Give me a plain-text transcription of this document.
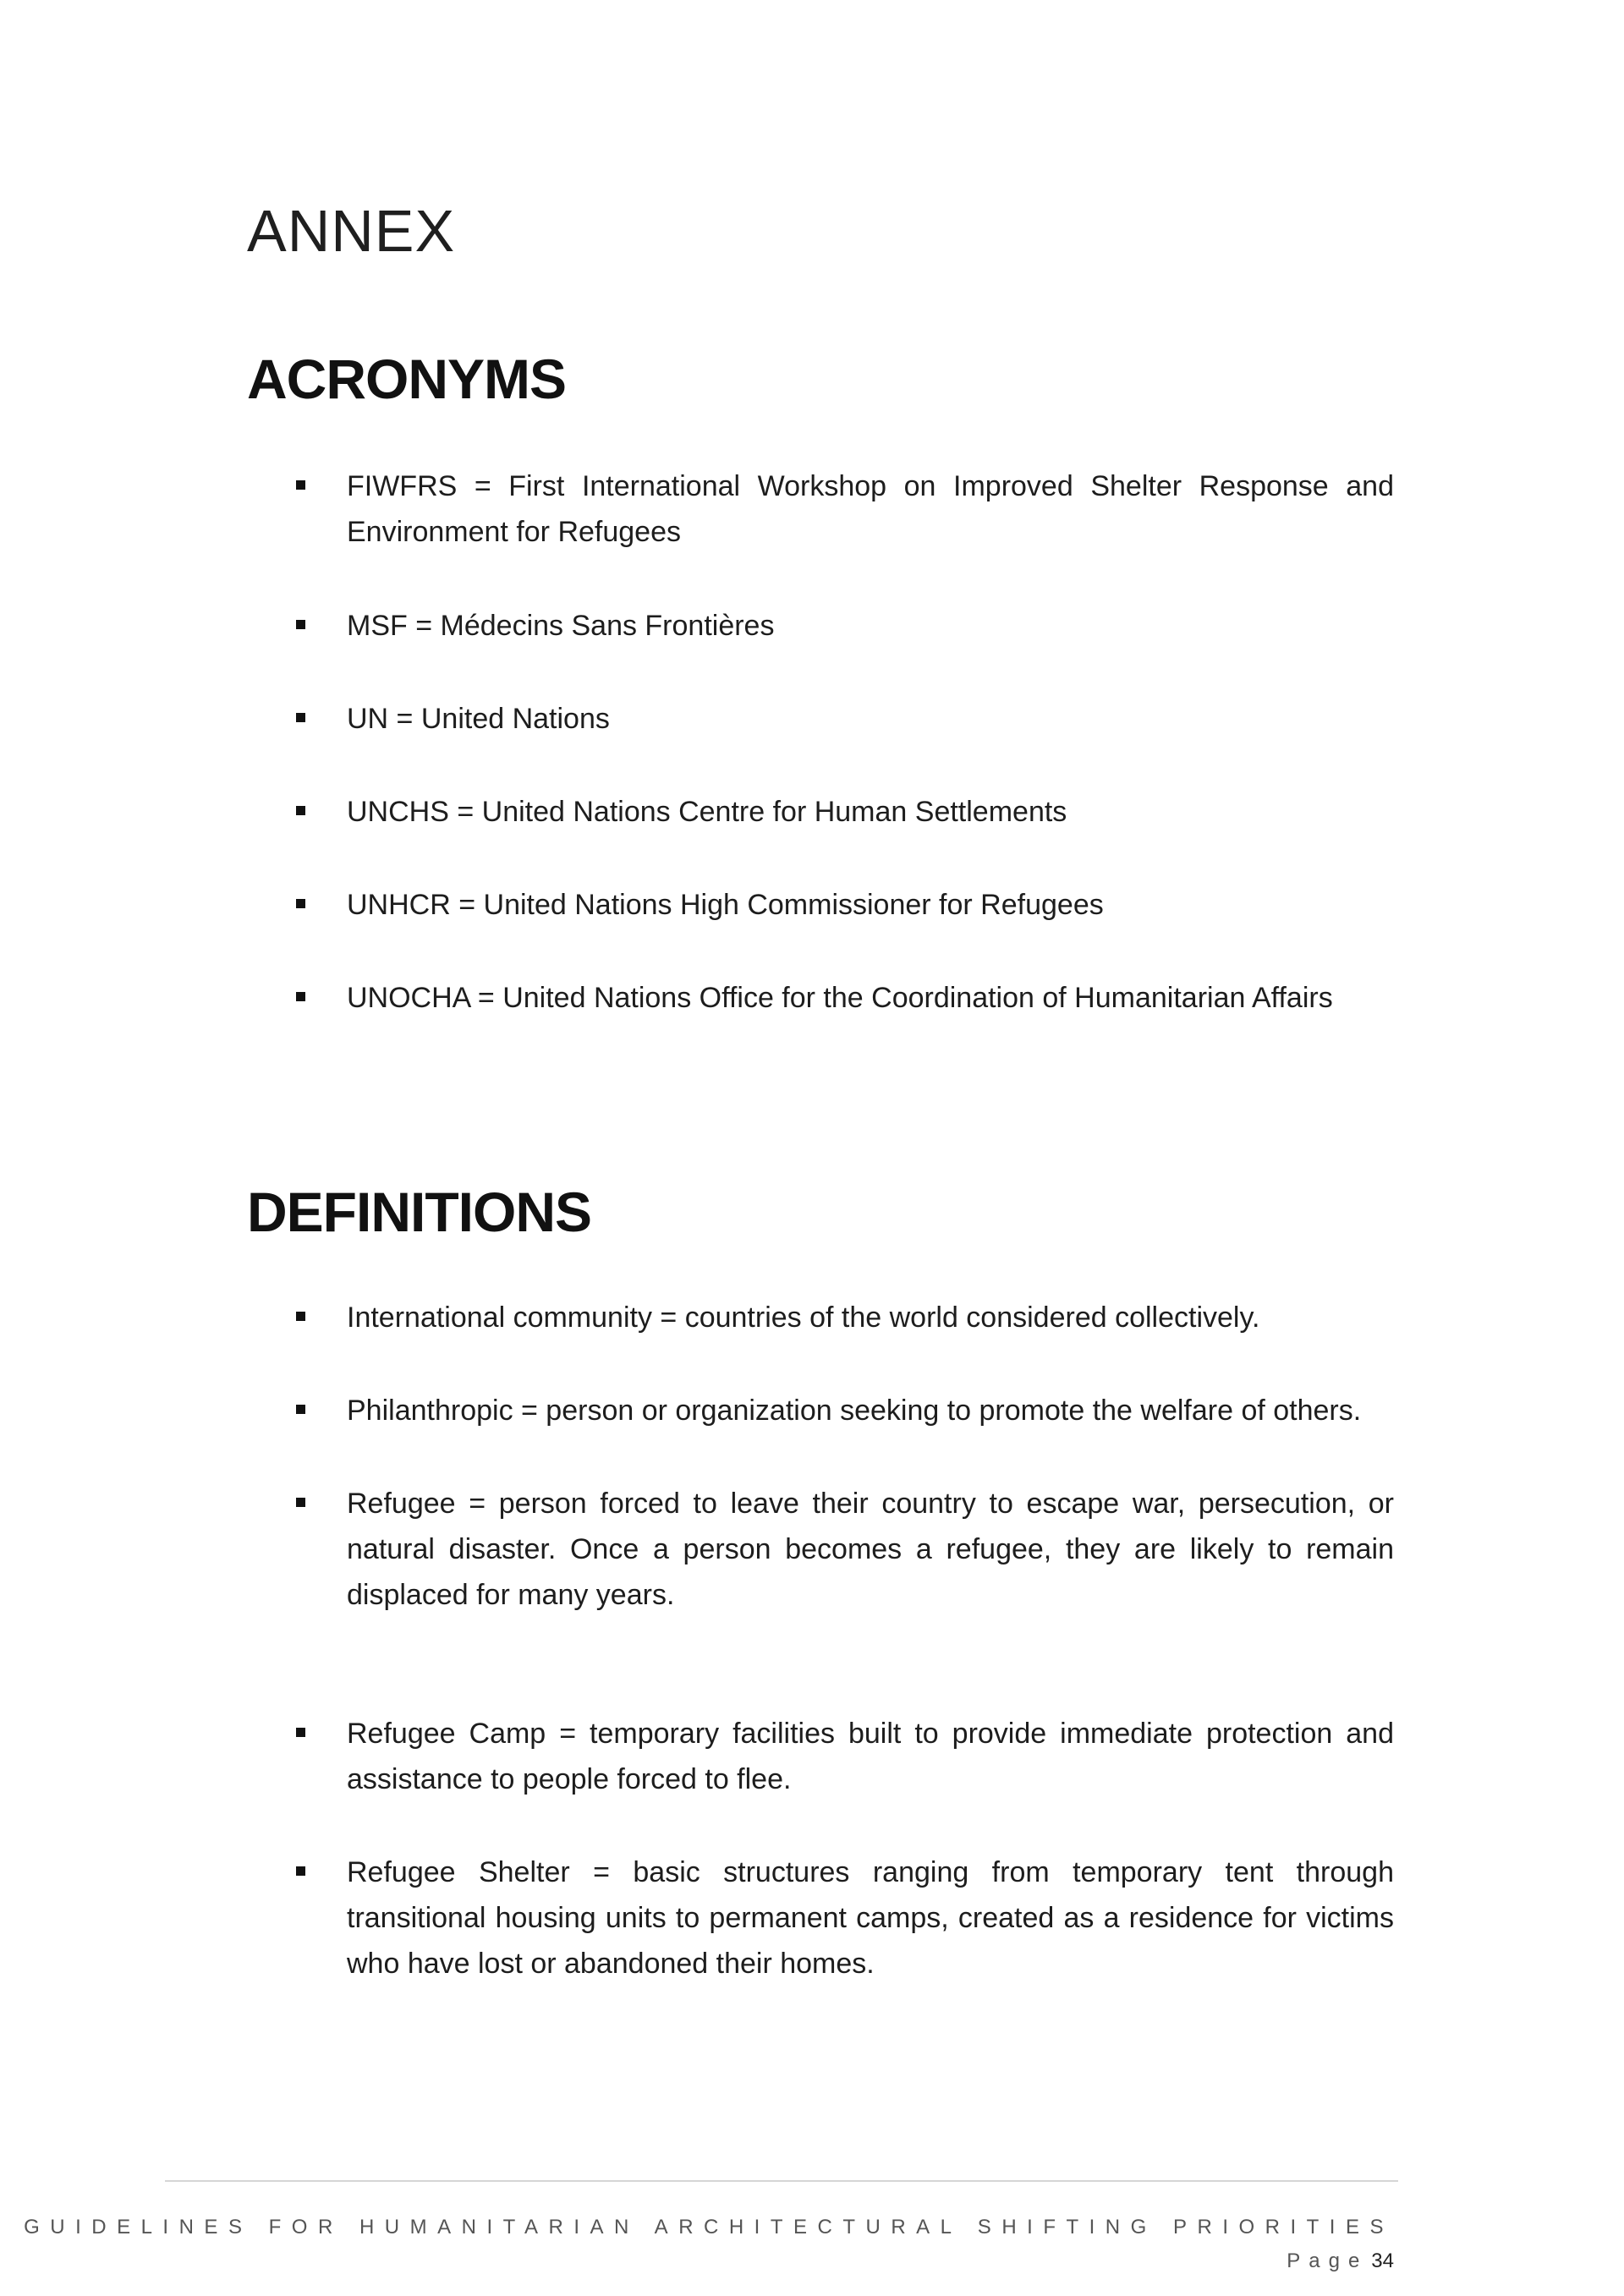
ANNEX
ACRONYMS
FIWFRS = First International Workshop on Improved Shelter Response and Environment for Refugees
MSF = Médecins Sans Frontières
UN = United Nations
UNCHS = United Nations Centre for Human Settlements
UNHCR = United Nations High Commissioner for Refugees
UNOCHA = United Nations Office for the Coordination of Humanitarian Affairs
DEFINITIONS
International community = countries of the world considered collectively.
Philanthropic = person or organization seeking to promote the welfare of others.
Refugee = person forced to leave their country to escape war, persecution, or natural disaster. Once a person becomes a refugee, they are likely to remain displaced for many years.
Refugee Camp = temporary facilities built to provide immediate protection and assistance to people forced to flee.
Refugee Shelter = basic structures ranging from temporary tent through transitional housing units to permanent camps, created as a residence for victims who have lost or abandoned their homes.
GUIDELINES FOR HUMANITARIAN ARCHITECTURAL SHIFTING PRIORITIES
Page 34
